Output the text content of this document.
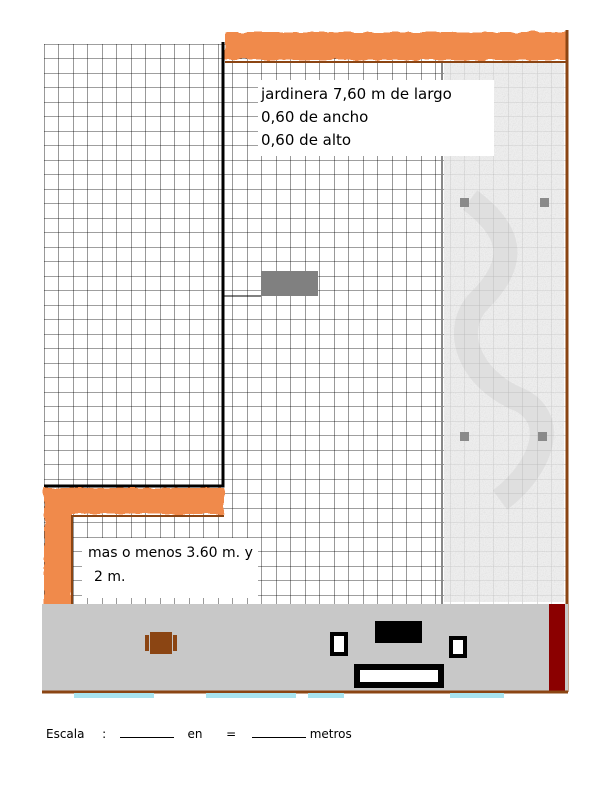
jardinera 7,60 m de largo
0,60 de ancho
0,60 de alto
mas o menos 3.60 m. y
2 m.
Escala :	en =	metros
